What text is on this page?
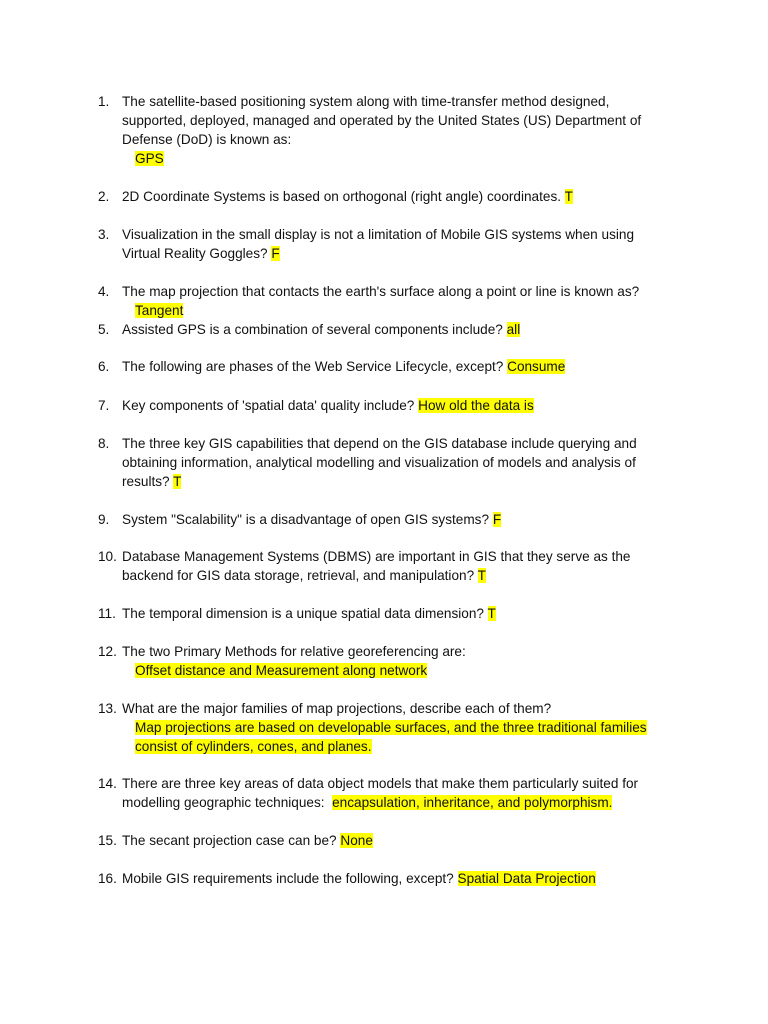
1. The satellite-based positioning system along with time-transfer method designed,
supported, deployed, managed and operated by the United States (US) Department of
Defense (DoD) is known as:
GPS
2. 2D Coordinate Systems is based on orthogonal (right angle) coordinates. T
3. Visualization in the small display is not a limitation of Mobile GIS systems when using
Virtual Reality Goggles? F
4. The map projection that contacts the earth's surface along a point or line is known as?
Tangent
5. Assisted GPS is a combination of several components include? all
6. The following are phases of the Web Service Lifecycle, except? Consume
7. Key components of 'spatial data' quality include? How old the data is
8. The three key GIS capabilities that depend on the GIS database include querying and
obtaining information, analytical modelling and visualization of models and analysis of
results? T
9. System "Scalability" is a disadvantage of open GIS systems? F
10. Database Management Systems (DBMS) are important in GIS that they serve as the
backend for GIS data storage, retrieval, and manipulation? T
11. The temporal dimension is a unique spatial data dimension? T
12. The two Primary Methods for relative georeferencing are:
Offset distance and Measurement along network
13. What are the major families of map projections, describe each of them?
Map projections are based on developable surfaces, and the three traditional families
consist of cylinders, cones, and planes.
14. There are three key areas of data object models that make them particularly suited for
modelling geographic techniques:  encapsulation, inheritance, and polymorphism.
15. The secant projection case can be? None
16. Mobile GIS requirements include the following, except? Spatial Data Projection
